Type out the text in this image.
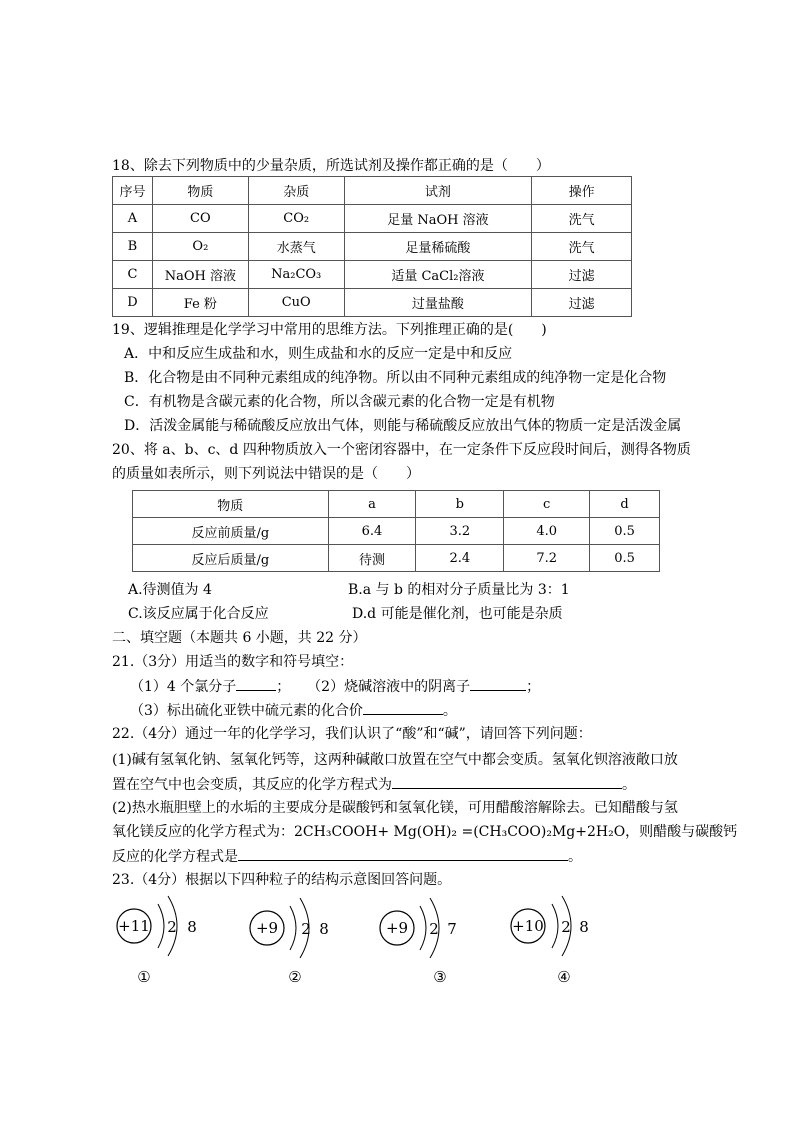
18、除去下列物质中的少量杂质，所选试剂及操作都正确的是（　　）
序号	物质	杂质	试剂	操作
A	CO	CO₂	足量 NaOH 溶液	洗气
B	O₂	水蒸气	足量稀硫酸	洗气
C	NaOH 溶液	Na₂CO₃	适量 CaCl₂溶液	过滤
D	Fe 粉	CuO	过量盐酸	过滤
19、逻辑推理是化学学习中常用的思维方法。下列推理正确的是(　　)
A．中和反应生成盐和水，则生成盐和水的反应一定是中和反应
B．化合物是由不同种元素组成的纯净物。所以由不同种元素组成的纯净物一定是化合物
C．有机物是含碳元素的化合物，所以含碳元素的化合物一定是有机物
D．活泼金属能与稀硫酸反应放出气体，则能与稀硫酸反应放出气体的物质一定是活泼金属
20、将 a、b、c、d 四种物质放入一个密闭容器中，在一定条件下反应段时间后，测得各物质
的质量如表所示，则下列说法中错误的是（　　）
物质	a	b	c	d
反应前质量/g	6.4	3.2	4.0	0.5
反应后质量/g	待测	2.4	7.2	0.5
A.待测值为 4	B.a 与 b 的相对分子质量比为 3：1
C.该反应属于化合反应	D.d 可能是催化剂，也可能是杂质
二、填空题（本题共 6 小题，共 22 分）
21.（3分）用适当的数字和符号填空：
（1）4 个氯分子	； （2）烧碱溶液中的阴离子	；
（3）标出硫化亚铁中硫元素的化合价	。
22.（4分）通过一年的化学学习，我们认识了“酸”和“碱”，请回答下列问题：
(1)碱有氢氧化钠、氢氧化钙等，这两种碱敞口放置在空气中都会变质。氢氧化钡溶液敞口放
置在空气中也会变质，其反应的化学方程式为	。
(2)热水瓶胆壁上的水垢的主要成分是碳酸钙和氢氧化镁，可用醋酸溶解除去。已知醋酸与氢
氧化镁反应的化学方程式为：2CH₃COOH+ Mg(OH)₂ =(CH₃COO)₂Mg+2H₂O，则醋酸与碳酸钙
反应的化学方程式是	。
23.（4分）根据以下四种粒子的结构示意图回答问题。
+11 2 8
①
+9 2 8
②
+9 2 7
③
+10 2 8
④
